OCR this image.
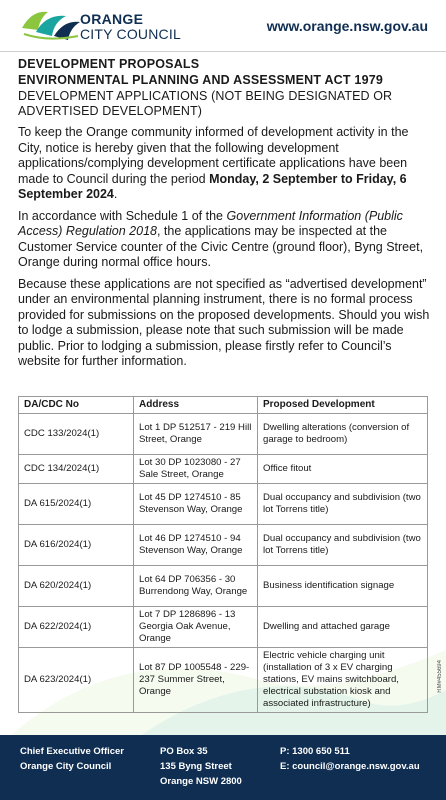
ORANGE
CITY COUNCIL	www.orange.nsw.gov.au
DEVELOPMENT PROPOSALS
ENVIRONMENTAL PLANNING AND ASSESSMENT ACT 1979
DEVELOPMENT APPLICATIONS (NOT BEING DESIGNATED OR ADVERTISED DEVELOPMENT)

To keep the Orange community informed of development activity in the City, notice is hereby given that the following development applications/complying development certificate applications have been made to Council during the period Monday, 2 September to Friday, 6 September 2024.

In accordance with Schedule 1 of the Government Information (Public Access) Regulation 2018, the applications may be inspected at the Customer Service counter of the Civic Centre (ground floor), Byng Street, Orange during normal office hours.

Because these applications are not specified as “advertised development” under an environmental planning instrument, there is no formal process provided for submissions on the proposed developments. Should you wish to lodge a submission, please note that such submission will be made public. Prior to lodging a submission, please firstly refer to Council’s website for further information.

DA/CDC No	Address	Proposed Development
CDC 133/2024(1)	Lot 1 DP 512517 - 219 Hill Street, Orange	Dwelling alterations (conversion of garage to bedroom)
CDC 134/2024(1)	Lot 30 DP 1023080 - 27 Sale Street, Orange	Office fitout
DA 615/2024(1)	Lot 45 DP 1274510 - 85 Stevenson Way, Orange	Dual occupancy and subdivision (two lot Torrens title)
DA 616/2024(1)	Lot 46 DP 1274510 - 94 Stevenson Way, Orange	Dual occupancy and subdivision (two lot Torrens title)
DA 620/2024(1)	Lot 64 DP 706356 - 30 Burrendong Way, Orange	Business identification signage
DA 622/2024(1)	Lot 7 DP 1286896 - 13 Georgia Oak Avenue, Orange	Dwelling and attached garage
DA 623/2024(1)	Lot 87 DP 1005548 - 229-237 Summer Street, Orange	Electric vehicle charging unit (installation of 3 x EV charging stations, EV mains switchboard, electrical substation kiosk and associated infrastructure)
RM#455694
Chief Executive Officer
Orange City Council
PO Box 35
135 Byng Street
Orange NSW 2800
P: 1300 650 511
E: council@orange.nsw.gov.au
